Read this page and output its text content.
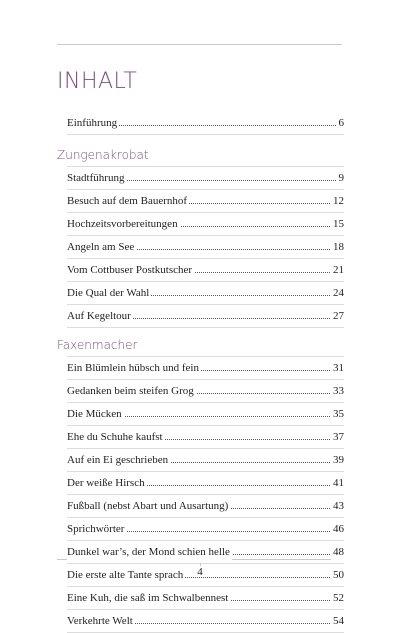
INHALT
Einführung	6
Zungenakrobat
Stadtführung	9
Besuch auf dem Bauernhof	12
Hochzeitsvorbereitungen	15
Angeln am See	18
Vom Cottbuser Postkutscher	21
Die Qual der Wahl	24
Auf Kegeltour	27
Faxenmacher
Ein Blümlein hübsch und fein	31
Gedanken beim steifen Grog	33
Die Mücken	35
Ehe du Schuhe kaufst	37
Auf ein Ei geschrieben	39
Der weiße Hirsch	41
Fußball (nebst Abart und Ausartung)	43
Sprichwörter	46
Dunkel war’s, der Mond schien helle	48
Die erste alte Tante sprach	50
Eine Kuh, die saß im Schwalbennest	52
Verkehrte Welt	54
4
